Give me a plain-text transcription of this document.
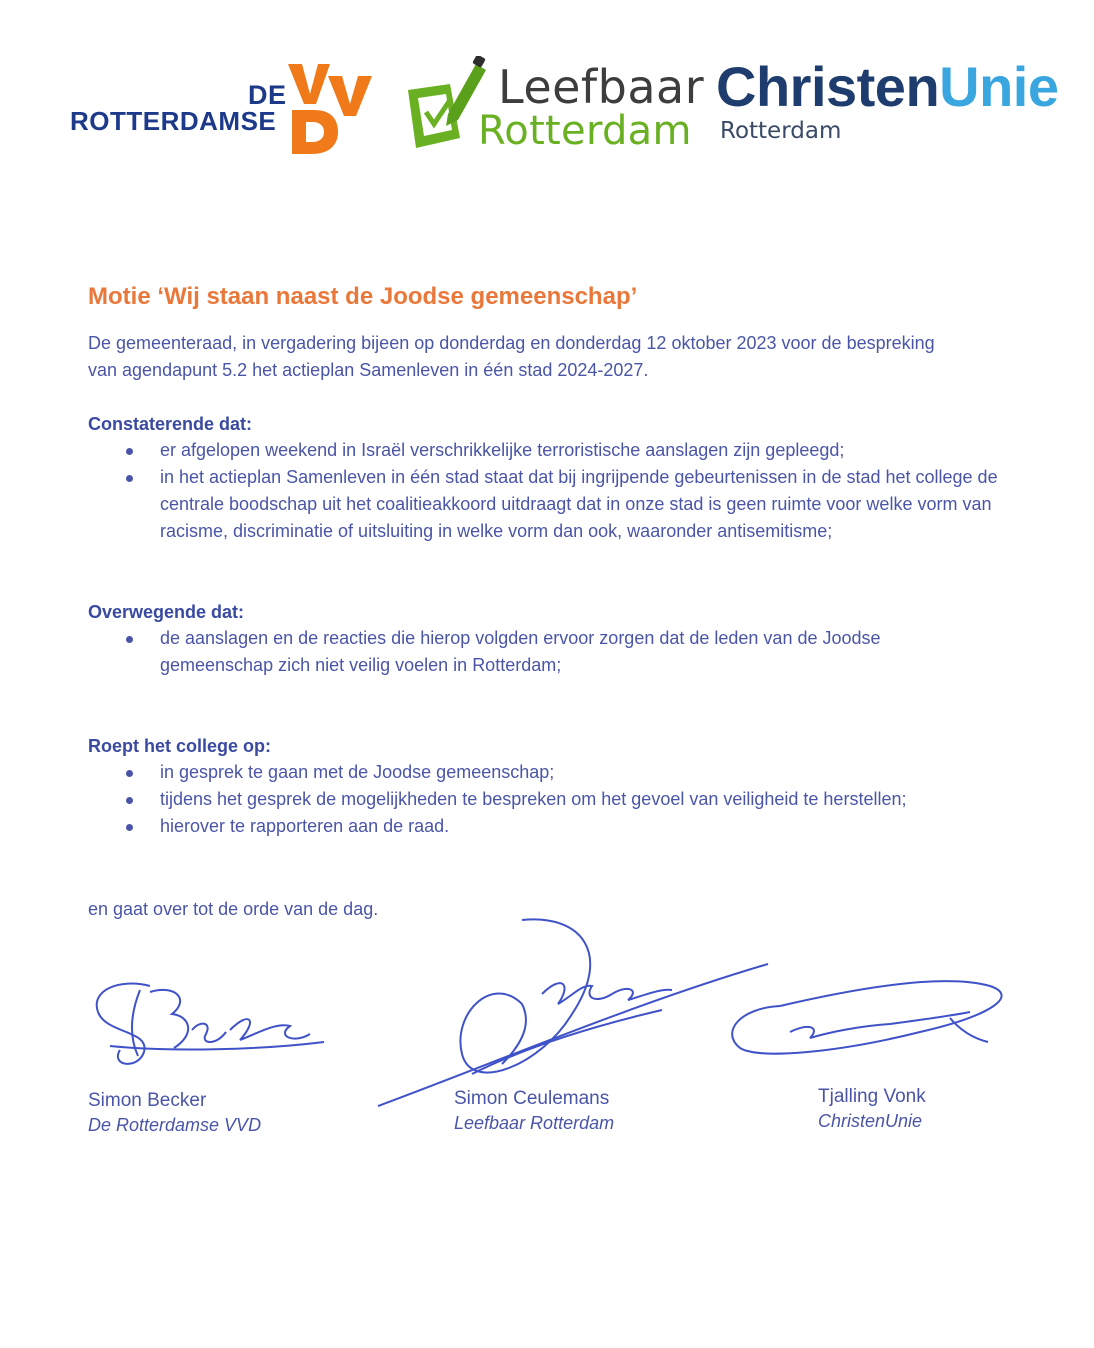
DE
ROTTERDAMSE
Leefbaar
Rotterdam
ChristenUnie
Rotterdam
Motie ‘Wij staan naast de Joodse gemeenschap’
De gemeenteraad, in vergadering bijeen op donderdag en donderdag 12 oktober 2023 voor de bespreking van agendapunt 5.2 het actieplan Samenleven in één stad 2024-2027.
Constaterende dat:
er afgelopen weekend in Israël verschrikkelijke terroristische aanslagen zijn gepleegd;
in het actieplan Samenleven in één stad staat dat bij ingrijpende gebeurtenissen in de stad het college de centrale boodschap uit het coalitieakkoord uitdraagt dat in onze stad is geen ruimte voor welke vorm van racisme, discriminatie of uitsluiting in welke vorm dan ook, waaronder antisemitisme;
Overwegende dat:
de aanslagen en de reacties die hierop volgden ervoor zorgen dat de leden van de Joodse gemeenschap zich niet veilig voelen in Rotterdam;
Roept het college op:
in gesprek te gaan met de Joodse gemeenschap;
tijdens het gesprek de mogelijkheden te bespreken om het gevoel van veiligheid te herstellen;
hierover te rapporteren aan de raad.
en gaat over tot de orde van de dag.
Simon Becker
De Rotterdamse VVD
Simon Ceulemans
Leefbaar Rotterdam
Tjalling Vonk
ChristenUnie
